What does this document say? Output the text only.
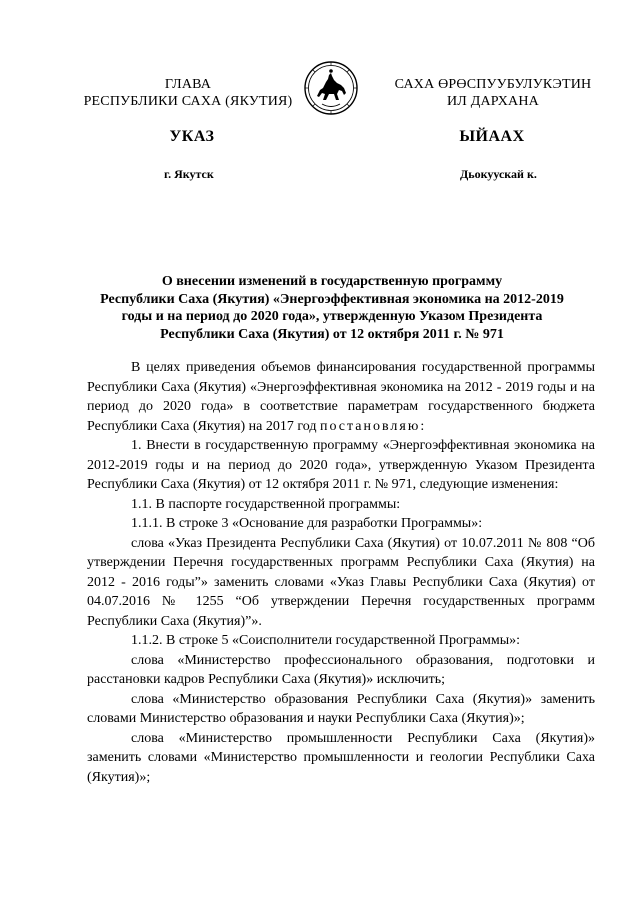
ГЛАВА
РЕСПУБЛИКИ САХА (ЯКУТИЯ)
САХА ӨРӨСПУУБУЛУКЭТИН
ИЛ ДАРХАНА
УКАЗ	ЫЙААХ
г. Якутск	Дьокуускай к.
О внесении изменений в государственную программу
Республики Саха (Якутия) «Энергоэффективная экономика на 2012-2019
годы и на период до 2020 года», утвержденную Указом Президента
Республики Саха (Якутия) от 12 октября 2011 г. № 971

В целях приведения объемов финансирования государственной программы Республики Саха (Якутия) «Энергоэффективная экономика на 2012 - 2019 годы и на период до 2020 года» в соответствие параметрам государственного бюджета Республики Саха (Якутия) на 2017 год постановляю:

1. Внести в государственную программу «Энергоэффективная экономика на 2012-2019 годы и на период до 2020 года», утвержденную Указом Президента Республики Саха (Якутия) от 12 октября 2011 г. № 971, следующие изменения:

1.1. В паспорте государственной программы:

1.1.1. В строке 3 «Основание для разработки Программы»:

слова «Указ Президента Республики Саха (Якутия) от 10.07.2011 № 808 “Об утверждении Перечня государственных программ Республики Саха (Якутия) на 2012 - 2016 годы”» заменить словами «Указ Главы Республики Саха (Якутия) от 04.07.2016 № 1255 “Об утверждении Перечня государственных программ Республики Саха (Якутия)”».

1.1.2. В строке 5 «Соисполнители государственной Программы»:

слова «Министерство профессионального образования, подготовки и расстановки кадров Республики Саха (Якутия)» исключить;

слова «Министерство образования Республики Саха (Якутия)» заменить словами Министерство образования и науки Республики Саха (Якутия)»;

слова «Министерство промышленности Республики Саха (Якутия)» заменить словами «Министерство промышленности и геологии Республики Саха (Якутия)»;
